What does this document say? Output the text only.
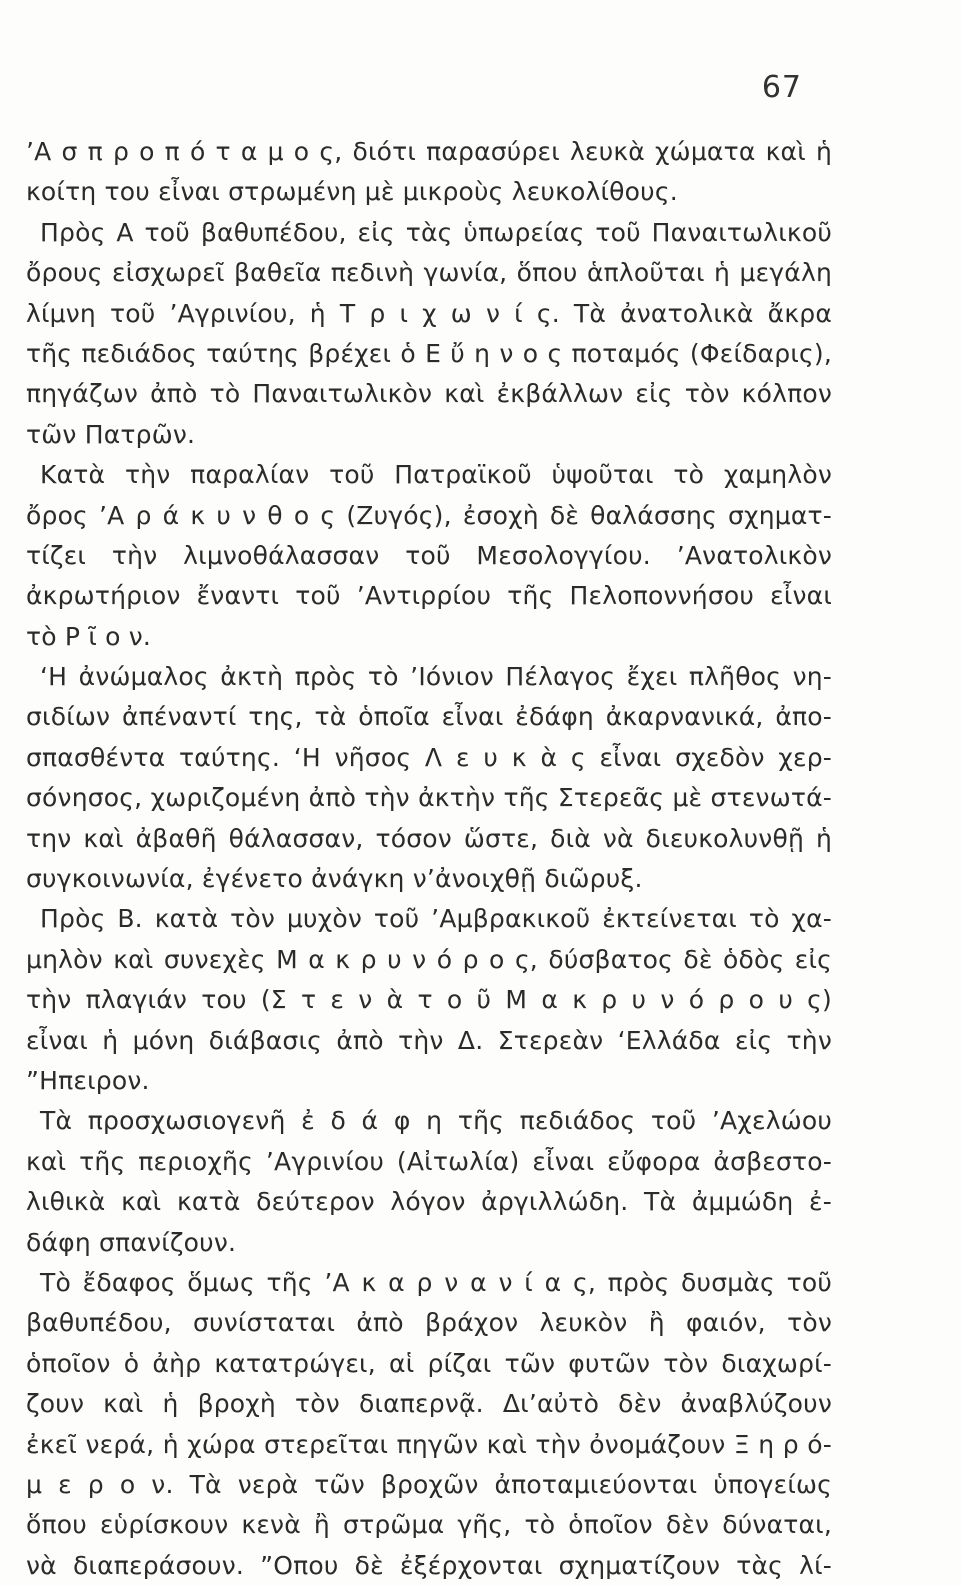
67
’Α σ π ρ ο π ό τ α μ ο ς, διότι παρασύρει λευκὰ χώματα καὶ ἡ
κοίτη του εἶναι στρωμένη μὲ μικροὺς λευκολίθους.
Πρὸς Α τοῦ βαθυπέδου, εἰς τὰς ὑπωρείας τοῦ Παναιτωλικοῦ
ὄρους εἰσχωρεῖ βαθεῖα πεδινὴ γωνία, ὅπου ἁπλοῦται ἡ μεγάλη
λίμνη τοῦ ’Αγρινίου, ἡ Τ ρ ι χ ω ν ί ς. Τὰ ἀνατολικὰ ἄκρα
τῆς πεδιάδος ταύτης βρέχει ὁ Ε ὔ η ν ο ς ποταμός (Φείδαρις),
πηγάζων ἀπὸ τὸ Παναιτωλικὸν καὶ ἐκβάλλων εἰς τὸν κόλπον
τῶν Πατρῶν.
Κατὰ τὴν παραλίαν τοῦ Πατραϊκοῦ ὑψοῦται τὸ χαμηλὸν
ὄρος ’Α ρ ά κ υ ν θ ο ς (Ζυγός), ἐσοχὴ δὲ θαλάσσης σχηματ-
τίζει τὴν λιμνοθάλασσαν τοῦ Μεσολογγίου. ’Ανατολικὸν
ἀκρωτήριον ἔναντι τοῦ ’Αντιρρίου τῆς Πελοποννήσου εἶναι
τὸ Ρ ῖ ο ν.
‘Η ἀνώμαλος ἀκτὴ πρὸς τὸ ’Ιόνιον Πέλαγος ἔχει πλῆθος νη-
σιδίων ἀπέναντί της, τὰ ὁποῖα εἶναι ἐδάφη ἀκαρνανικά, ἀπο-
σπασθέντα ταύτης. ‘Η νῆσος Λ ε υ κ ὰ ς εἶναι σχεδὸν χερ-
σόνησος, χωριζομένη ἀπὸ τὴν ἀκτὴν τῆς Στερεᾶς μὲ στενωτά-
την καὶ ἀβαθῆ θάλασσαν, τόσον ὥστε, διὰ νὰ διευκολυνθῇ ἡ
συγκοινωνία, ἐγένετο ἀνάγκη ν’ἀνοιχθῇ διῶρυξ.
Πρὸς Β. κατὰ τὸν μυχὸν τοῦ ’Αμβρακικοῦ ἐκτείνεται τὸ χα-
μηλὸν καὶ συνεχὲς Μ α κ ρ υ ν ό ρ ο ς, δύσβατος δὲ ὁδὸς εἰς
τὴν πλαγιάν του (Σ τ ε ν ὰ τ ο ῦ Μ α κ ρ υ ν ό ρ ο υ ς)
εἶναι ἡ μόνη διάβασις ἀπὸ τὴν Δ. Στερεὰν ‘Ελλάδα εἰς τὴν
”Ηπειρον.
Τὰ προσχωσιογενῆ ἐ δ ά φ η τῆς πεδιάδος τοῦ ’Αχελώου
καὶ τῆς περιοχῆς ’Αγρινίου (Αἰτωλία) εἶναι εὔφορα ἀσβεστο-
λιθικὰ καὶ κατὰ δεύτερον λόγον ἀργιλλώδη. Τὰ ἀμμώδη ἐ-
δάφη σπανίζουν.
Τὸ ἔδαφος ὅμως τῆς ’Α κ α ρ ν α ν ί α ς, πρὸς δυσμὰς τοῦ
βαθυπέδου, συνίσταται ἀπὸ βράχον λευκὸν ἢ φαιόν, τὸν
ὁποῖον ὁ ἀὴρ κατατρώγει, αἱ ρίζαι τῶν φυτῶν τὸν διαχωρί-
ζουν καὶ ἡ βροχὴ τὸν διαπερνᾷ. Δι’αὐτὸ δὲν ἀναβλύζουν
ἐκεῖ νερά, ἡ χώρα στερεῖται πηγῶν καὶ τὴν ὀνομάζουν Ξ η ρ ό-
μ ε ρ ο ν. Τὰ νερὰ τῶν βροχῶν ἀποταμιεύονται ὑπογείως
ὅπου εὑρίσκουν κενὰ ἢ στρῶμα γῆς, τὸ ὁποῖον δὲν δύναται,
νὰ διαπεράσουν. ”Οπου δὲ ἐξέρχονται σχηματίζουν τὰς λί-
